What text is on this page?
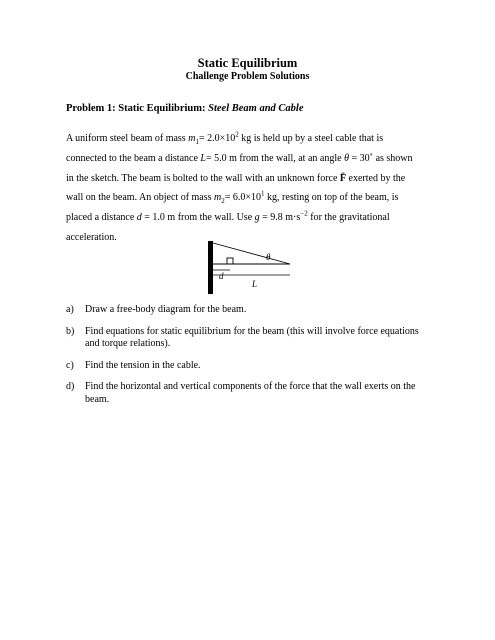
Static Equilibrium
Challenge Problem Solutions
Problem 1: Static Equilibrium: Steel Beam and Cable
A uniform steel beam of mass $m_1= 2.0\times 10^2$ kg is held up by a steel cable that is
connected to the beam a distance L= 5.0 m from the wall, at an angle θ = 30∘ as shown
in the sketch. The beam is bolted to the wall with an unknown force F̄ exerted by the
wall on the beam. An object of mass $m_2= 6.0\times 10^1$ kg, resting on top of the beam, is
placed a distance d = 1.0 m from the wall. Use g = 9.8 $m\cdot s^{-2}$ for the gravitational
acceleration.
θ
d
L
a)	Draw a free-body diagram for the beam.
b)	Find equations for static equilibrium for the beam (this will involve force equations and torque relations).
c)	Find the tension in the cable.
d)	Find the horizontal and vertical components of the force that the wall exerts on the beam.
